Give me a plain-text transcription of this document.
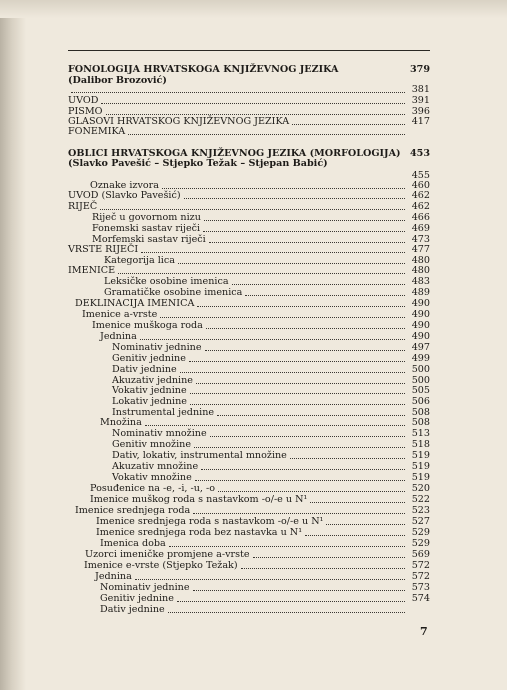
FONOLOGIJA HRVATSKOGA KNJIŽEVNOG JEZIKA	379
(Dalibor Brozović)
381
UVOD	391
PISMO	396
GLASOVI HRVATSKOG KNJIŽEVNOG JEZIKA	417
FONEMIKA
OBLICI HRVATSKOGA KNJIŽEVNOG JEZIKA (MORFOLOGIJA) 453
(Slavko Pavešić – Stjepko Težak – Stjepan Babić)
455
Oznake izvora	460
UVOD (Slavko Pavešić)	462
RIJEČ	462
Riječ u govornom nizu	466
Fonemski sastav riječi	469
Morfemski sastav riječi	473
VRSTE RIJEČI	477
Kategorija lica	480
IMENICE	480
Leksičke osobine imenica	483
Gramatičke osobine imenica	489
DEKLINACIJA IMENICA	490
Imenice a-vrste	490
Imenice muškoga roda	490
Jednina	490
Nominativ jednine	497
Genitiv jednine	499
Dativ jednine	500
Akuzativ jednine	500
Vokativ jednine	505
Lokativ jednine	506
Instrumental jednine	508
Množina	508
Nominativ množine	513
Genitiv množine	518
Dativ, lokativ, instrumental množine	519
Akuzativ množine	519
Vokativ množine	519
Posuđenice na -e, -i, -u, -o	520
Imenice muškog roda s nastavkom -o/-e u N¹	522
Imenice srednjega roda	523
Imenice srednjega roda s nastavkom -o/-e u N¹	527
Imenice srednjega roda bez nastavka u N¹	529
Imenica doba	529
Uzorci imeničke promjene a-vrste	569
Imenice e-vrste (Stjepko Težak)	572
Jednina	572
Nominativ jednine	573
Genitiv jednine	574
Dativ jednine
7
